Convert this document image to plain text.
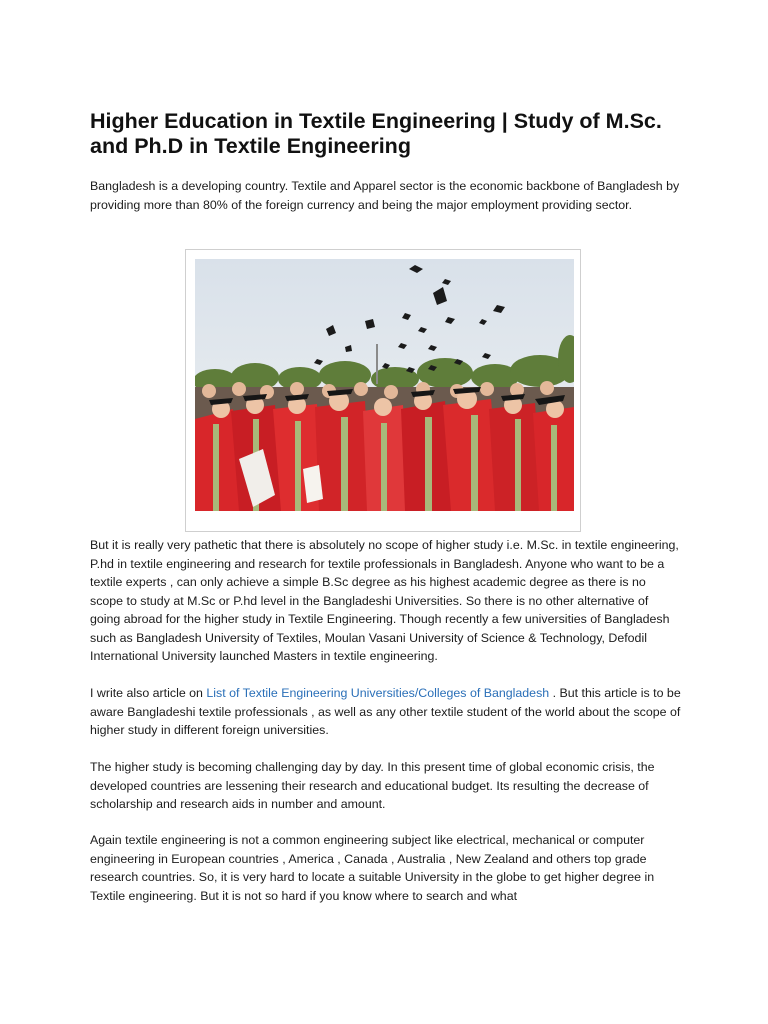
Higher Education in Textile Engineering | Study of M.Sc. and Ph.D in Textile Engineering

Bangladesh is a developing country. Textile and Apparel sector is the economic backbone of Bangladesh by providing more than 80% of the foreign currency and being the major employment providing sector.

But it is really very pathetic that there is absolutely no scope of higher study i.e. M.Sc. in textile engineering, P.hd in textile engineering and research for textile professionals in Bangladesh. Anyone who want to be a textile experts , can only achieve a simple B.Sc degree as his highest academic degree as there is no scope to study at M.Sc or P.hd level in the Bangladeshi Universities. So there is no other alternative of going abroad for the higher study in Textile Engineering. Though recently a few universities of Bangladesh such as Bangladesh University of Textiles, Moulan Vasani University of Science & Technology, Defodil International University launched Masters in textile engineering.

I write also article on List of Textile Engineering Universities/Colleges of Bangladesh . But this article is to be aware Bangladeshi textile professionals , as well as any other textile student of the world about the scope of higher study in different foreign universities.

The higher study is becoming challenging day by day. In this present time of global economic crisis, the developed countries are lessening their research and educational budget. Its resulting the decrease of scholarship and research aids in number and amount.

Again textile engineering is not a common engineering subject like electrical, mechanical or computer engineering in European countries , America , Canada , Australia , New Zealand and others top grade research countries. So, it is very hard to locate a suitable University in the globe to get higher degree in Textile engineering. But it is not so hard if you know where to search and what
